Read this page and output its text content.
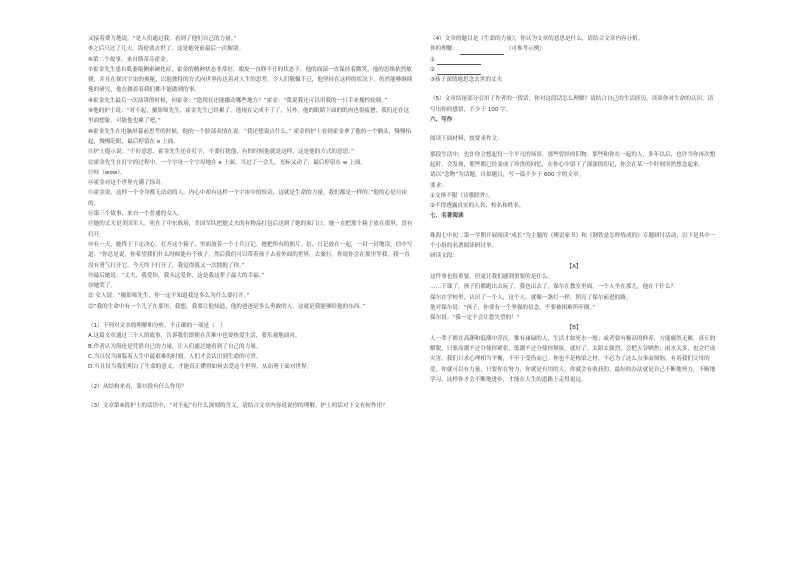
又接着费力地说，“是人们通过我，看到了他们自己的力量。”

⑤之后只过了几天，海伦就去世了。这是她死前最后一次握别。

⑥第二个故事，来自斯蒂芬霍金。

⑦霍金先生患有肌萎缩侧索硬化症，霍金的精神状态非常好，眼皮一直睁不开的状态下，他的面部一直保持着微笑，他的思维依然敏捷，并且在探讨宇宙的奥秘，以他独特的方式向世界传达着对人生的思考，令人们敬佩不已，他坚持在这样的状况下，仍然能够继续他的研究，他在做着着我们都不能做到的事。

⑧霍金先生最后一次演讲的时候，问霍金：“您现在还能挪动哪些地方？”霍金：“我说我还可以用我的一只手来操控轮椅。”

⑨他的护士说：“对不起，摄影师先生，霍金先生已经累了，他现在完成不了了，另外，他的眼睛下面的肌肉也很疲惫，我们还在这里面想象，可能他也累了吧。”

⑩霍金先生在电脑屏幕前思考的时候，他的一个脸部表情在说：“我还想说点什么，” 霍金的护士看到霍金拿了他的一个额头，慢慢抬起，慢慢眨眼，最后停留在 e 上面。

⑪护士提示说：“不好意思，霍金先生还在打字，不要打扰他，有的时候他就是这样，这是他的方式的意思。”

⑫霍金先生在打字的过程中，一个字母一个字母地在 e 上面，当过了一会儿，光标又动了，最后停留在 w 上面。

⑬哇（wow）。

⑭霍金对这个世界充满了惊奇。

⑮霍金说，这样一个全身都无法动的人，内心中却有这样一个宇宙中的惊奇，这就是生命的力量，我们都是一样的。”他的心是自由的。

⑯第三个故事，来自一个普通的女人。

⑰她的丈夫是美国军人，死在了中东战场，美国军队把她丈夫的有物品打包后送到了她的家门口，她一直把那个箱子放在那里，没有打开。

⑱有一天，她终于下定决心，打开这个箱子，里面放着一个士兵日记。她把所有的照片、信、日记放在一起，一封一封地读，信中写道：“你总是说，你希望我们什么时候能有个孩子，然后我们可以带着孩子去看外面的世界，去旅行，你说你会在那里等我，我一直没有勇气打开它，今天终于打开了，我觉得我又一次拥抱了你。”

⑲最后她说：“丈夫，我爱你，我永远爱你，这是我这辈子最大的幸福。”

⑳她哭了。

㉑ 女人说：“摄影师先生，你一定不知道我是多么为什么要打开。”

㉒“我的生命中有一个儿子在那里，我想，我要让他知道，他的爸爸是多么勇敢的人，这就是我能够给他的东西。”

（1）下列对文章的理解和分析，不正确的一项是（　）

A.这篇文章通过三个人的故事，告诉我们即便在苦难中也要热爱生活，要乐观地面对。

B.作者认为海伦是凭借自己的力量，让人们通过她看到了自己的力量。

C.当且仅当面临着人生中最艰难的时刻，人们才会认识到生命的可贵。

D.当且仅当我们明白了生命的意义，才能真正懂得如何去爱这个世界，从而勇于面对世界。

（2）从结构来看，第⑬段有什么作用？

（3）文章第⑨段护士的话语中，“对不起”有什么深刻的含义，请结合文章内容说说你的理解。护士的话对下文有何作用？

（4）文章的题目是《生命的力量》，你认为文章的意思是什么，请结合文章内容分析。

你的理解：	（可参考示例）

①

②

③孩子深情地思念去世的丈夫

（5）文章结尾部分引用了作者的一段话，你对这段话怎么理解？请结合自己的生活经历，谈谈你对生命的认识。请写出你的感悟，不少于 100 字。

六、写作

阅读下面材料，按要求作文：

那段生活中，也许你会想起每一个平凡的场景，那些曾经的旧物、那些和你在一起的人，多年以后，也许当你再次想起时，会发现，那些都已经变成了珍贵的回忆，在你心中留下了深深的印记，你会在某一个时刻突然想念起来。

请以“念物”为话题，自拟题目，写一篇不少于 600 字的文章。

要求：

①文体不限（诗歌除外）。

②不得透露真实的人名、校名和姓名。

七、名著阅读

珠海七中初二第一学期开展阅读“成长”为主题的《傅雷家书》和《钢铁是怎样炼成的》专题研讨活动，以下是其中一个小组的名著阅读研讨单。

研读文段：

【A】

这件事也很重要，但更让我们感到重要的是什么。

……下课了，孩子们都跑出去玩了，我也出去了。保尔在教室里面，一个人坐在那儿，他在干什么？

保尔在学校里，认识了一个人，这个人，就像一盏灯一样，照亮了保尔前进的路。

他对保尔说：“孩子，你要有一个坚强的信念，不要被困难所吓倒。”

保尔说：“我一定不会让您失望的！”

【B】

人一辈子都在高潮和低潮中浮沉，惟有庸碌的人，生活才如死水一般；或者要有极高的修养，方能廓然无累，真正的解脱。只要高潮不过分使你紧张，低潮不过分使你颓废，就好了。太阳太强烈，会把五谷晒焦；雨水太多，也会烂成灾害。我们只求心理相当平衡，不至于受伤而已。你也不是栋梁之材，不必为了这么点事而烦恼，有着我们父母的爱，你就可以有力量，只要你在努力，你就是有用的人，你就会有收获的。最好的办法就是自己不断地努力，不断地学习，这样你才会不断地进步，才能在人生的道路上走得更远。
